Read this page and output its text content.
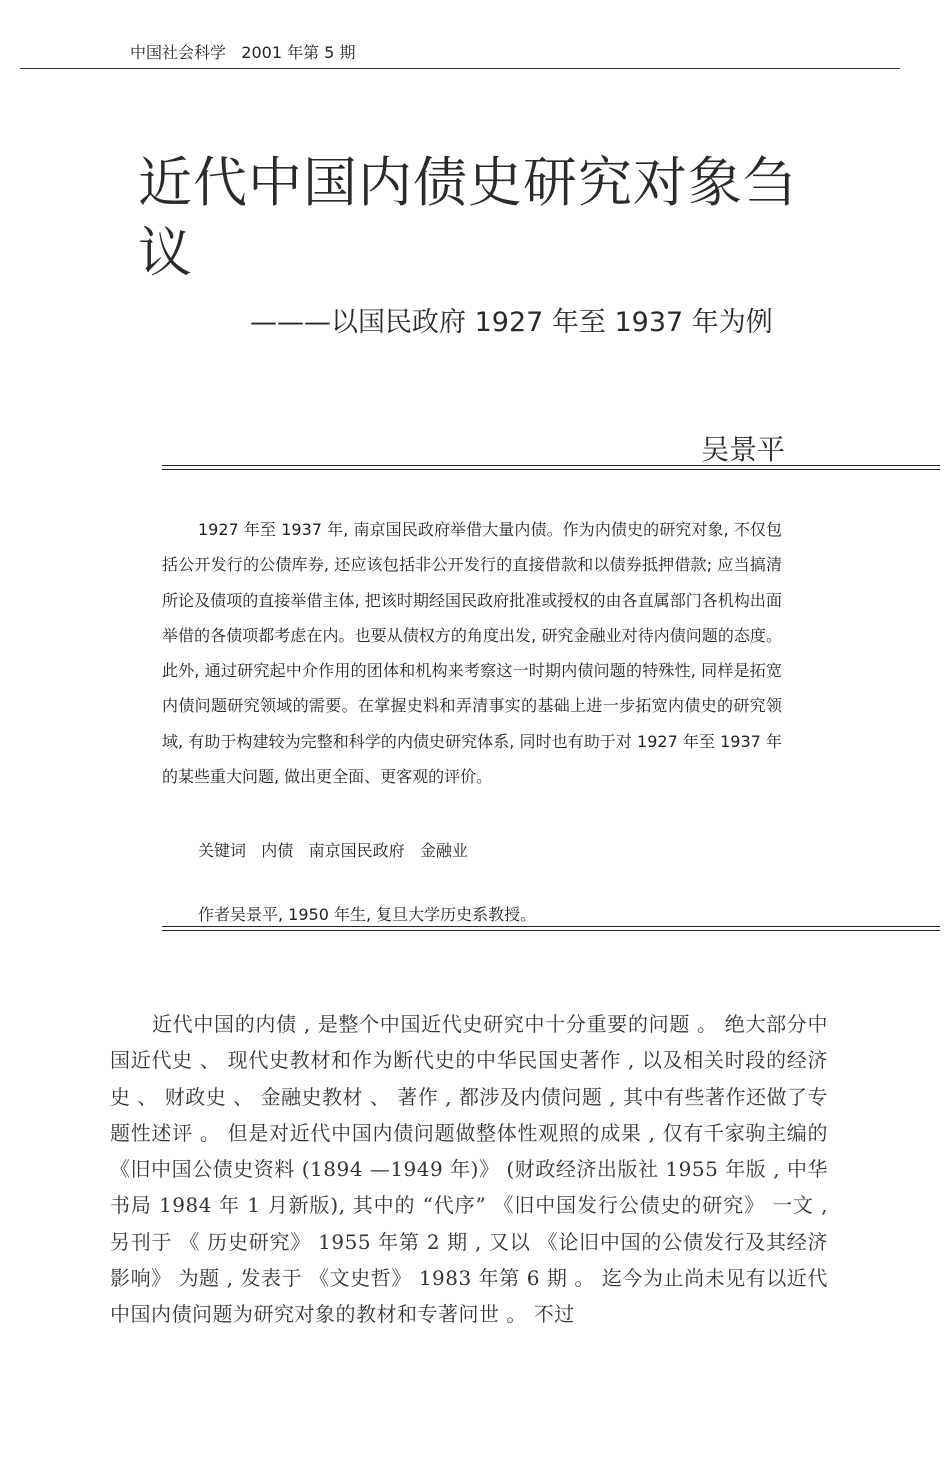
中国社会科学 2001 年第 5 期
近代中国内债史研究对象刍议
———以国民政府 1927 年至 1937 年为例
吴景平

1927 年至 1937 年, 南京国民政府举借大量内债。作为内债史的研究对象, 不仅包括公开发行的公债库券, 还应该包括非公开发行的直接借款和以债券抵押借款; 应当搞清所论及债项的直接举借主体, 把该时期经国民政府批准或授权的由各直属部门各机构出面举借的各债项都考虑在内。也要从债权方的角度出发, 研究金融业对待内债问题的态度。此外, 通过研究起中介作用的团体和机构来考察这一时期内债问题的特殊性, 同样是拓宽内债问题研究领域的需要。在掌握史料和弄清事实的基础上进一步拓宽内债史的研究领域, 有助于构建较为完整和科学的内债史研究体系, 同时也有助于对 1927 年至 1937 年的某些重大问题, 做出更全面、更客观的评价。

关键词 内债 南京国民政府 金融业
作者吴景平, 1950 年生, 复旦大学历史系教授。

近代中国的内债 , 是整个中国近代史研究中十分重要的问题 。 绝大部分中国近代史 、 现代史教材和作为断代史的中华民国史著作 , 以及相关时段的经济史 、 财政史 、 金融史教材 、 著作 , 都涉及内债问题 , 其中有些著作还做了专题性述评 。 但是对近代中国内债问题做整体性观照的成果 , 仅有千家驹主编的 《旧中国公债史资料 (1894 —1949 年)》 (财政经济出版社 1955 年版 , 中华书局 1984 年 1 月新版), 其中的 “代序” 《旧中国发行公债史的研究》 一文 , 另刊于 《 历史研究》 1955 年第 2 期 , 又以 《论旧中国的公债发行及其经济影响》 为题 , 发表于 《文史哲》 1983 年第 6 期 。 迄今为止尚未见有以近代中国内债问题为研究对象的教材和专著问世 。 不过
